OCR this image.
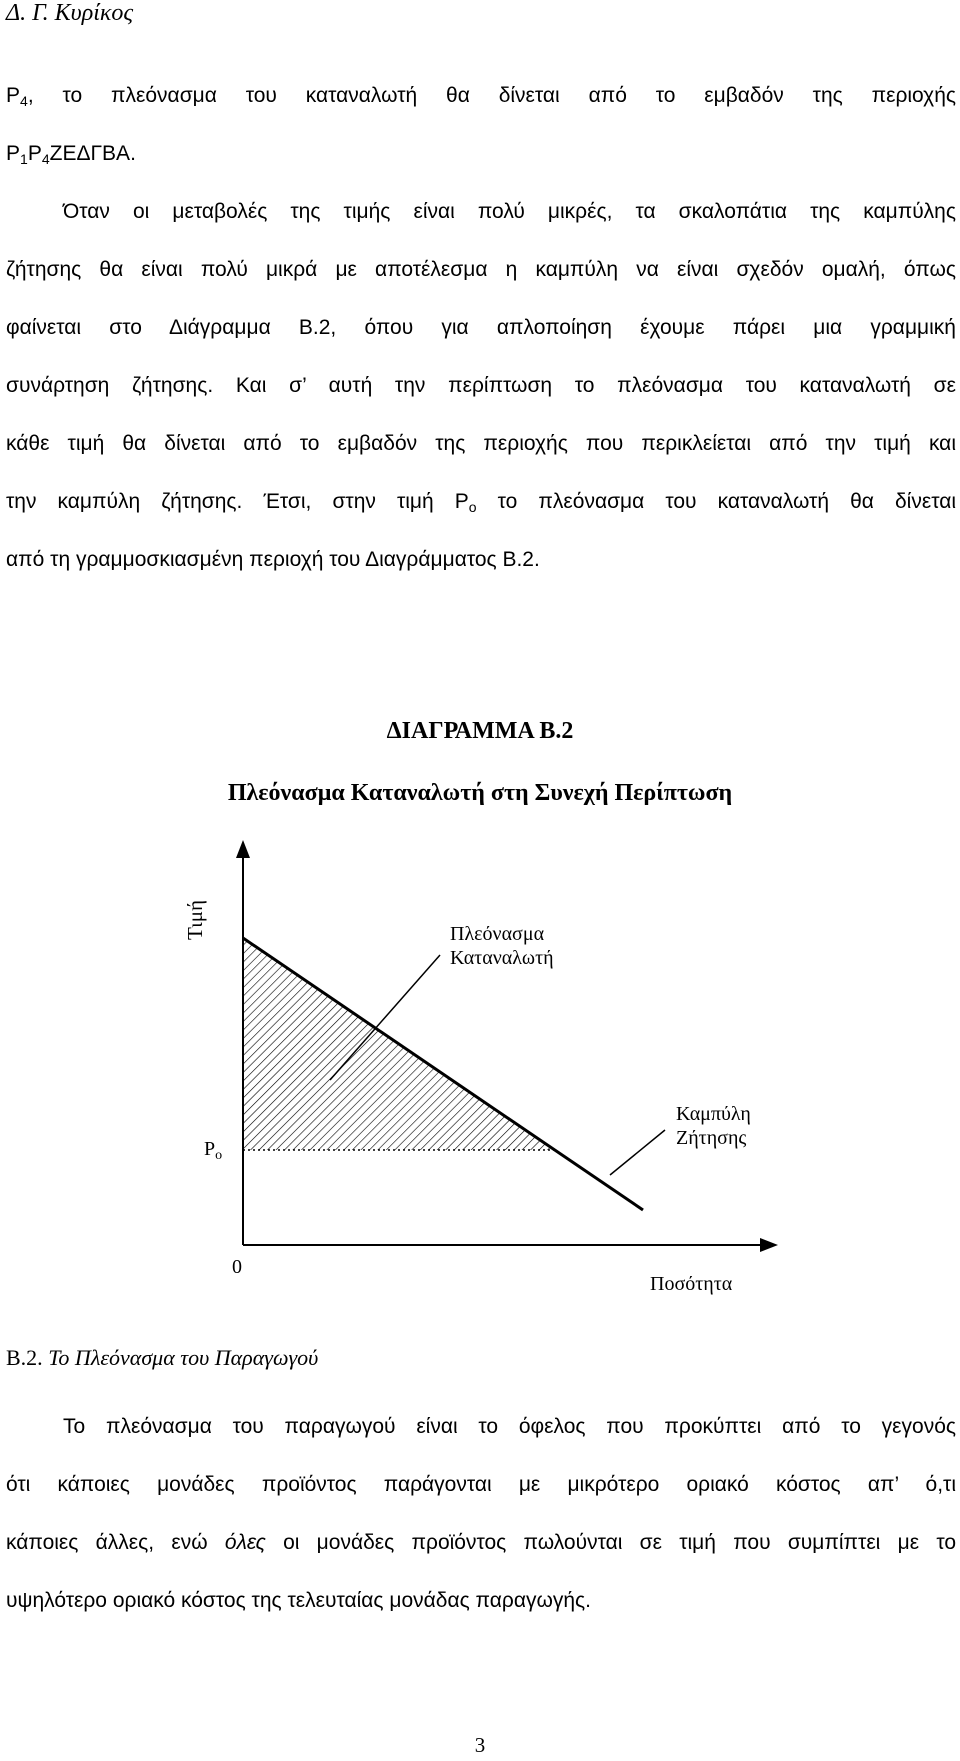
Δ. Γ. Κυρίκος
$P_4$, το πλεόνασμα του καταναλωτή θα δίνεται από το εμβαδόν της περιοχής
$P_1P_4ZE\Delta\Gamma BA$.
Όταν οι μεταβολές της τιμής είναι πολύ μικρές, τα σκαλοπάτια της καμπύλης
ζήτησης θα είναι πολύ μικρά με αποτέλεσμα η καμπύλη να είναι σχεδόν ομαλή, όπως
φαίνεται στο Διάγραμμα Β.2, όπου για απλοποίηση έχουμε πάρει μια γραμμική
συνάρτηση ζήτησης. Και σ’ αυτή την περίπτωση το πλεόνασμα του καταναλωτή σε
κάθε τιμή θα δίνεται από το εμβαδόν της περιοχής που περικλείεται από την τιμή και
την καμπύλη ζήτησης. Έτσι, στην τιμή $P_o$ το πλεόνασμα του καταναλωτή θα δίνεται
από τη γραμμοσκιασμένη περιοχή του Διαγράμματος Β.2.
ΔΙΑΓΡΑΜΜΑ Β.2
Πλεόνασμα Καταναλωτή στη Συνεχή Περίπτωση
Τιμή	Πλεόνασμα
Καταναλωτή
Καμπύλη
Ζήτησης
$P_o$
0
Ποσότητα
Β.2. Το Πλεόνασμα του Παραγωγού
Το πλεόνασμα του παραγωγού είναι το όφελος που προκύπτει από το γεγονός
ότι κάποιες μονάδες προϊόντος παράγονται με μικρότερο οριακό κόστος απ’ ό,τι
κάποιες άλλες, ενώ όλες οι μονάδες προϊόντος πωλούνται σε τιμή που συμπίπτει με το
υψηλότερο οριακό κόστος της τελευταίας μονάδας παραγωγής.
3
